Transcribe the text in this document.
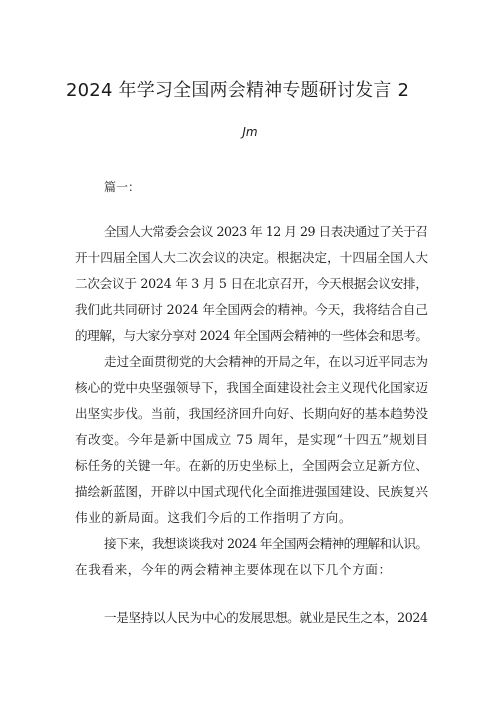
2024 年学习全国两会精神专题研讨发言 2
Jm
篇一：
全国人大常委会会议 2023 年 12 月 29 日表决通过了关于召
开十四届全国人大二次会议的决定。根据决定，十四届全国人大
二次会议于 2024 年 3 月 5 日在北京召开，今天根据会议安排，
我们此共同研讨 2024 年全国两会的精神。今天，我将结合自己
的理解，与大家分享对 2024 年全国两会精神的一些体会和思考。
走过全面贯彻党的大会精神的开局之年，在以习近平同志为
核心的党中央坚强领导下，我国全面建设社会主义现代化国家迈
出坚实步伐。当前，我国经济回升向好、长期向好的基本趋势没
有改变。今年是新中国成立 75 周年，是实现“十四五”规划目
标任务的关键一年。在新的历史坐标上，全国两会立足新方位、
描绘新蓝图，开辟以中国式现代化全面推进强国建设、民族复兴
伟业的新局面。这我们今后的工作指明了方向。
接下来，我想谈谈我对 2024 年全国两会精神的理解和认识。
在我看来，今年的两会精神主要体现在以下几个方面：
一是坚持以人民为中心的发展思想。就业是民生之本，2024
